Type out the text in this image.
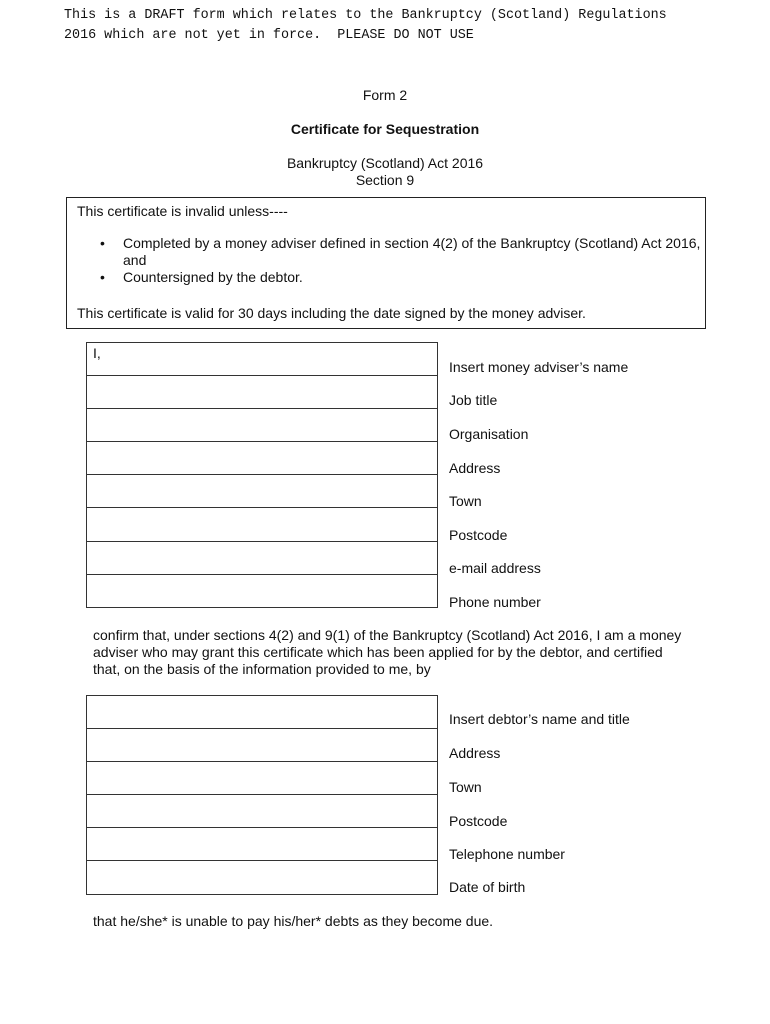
This is a DRAFT form which relates to the Bankruptcy (Scotland) Regulations
2016 which are not yet in force.  PLEASE DO NOT USE
Form 2
Certificate for Sequestration
Bankruptcy (Scotland) Act 2016
Section 9
This certificate is invalid unless----
• Completed by a money adviser defined in section 4(2) of the Bankruptcy (Scotland) Act 2016, and
• Countersigned by the debtor.
This certificate is valid for 30 days including the date signed by the money adviser.
I,

Insert money adviser’s name
Job title
Organisation
Address
Town
Postcode
e-mail address
Phone number
confirm that, under sections 4(2) and 9(1) of the Bankruptcy (Scotland) Act 2016, I am a money adviser who may grant this certificate which has been applied for by the debtor, and certified that, on the basis of the information provided to me, by

Insert debtor’s name and title
Address
Town
Postcode
Telephone number
Date of birth
that he/she* is unable to pay his/her* debts as they become due.
